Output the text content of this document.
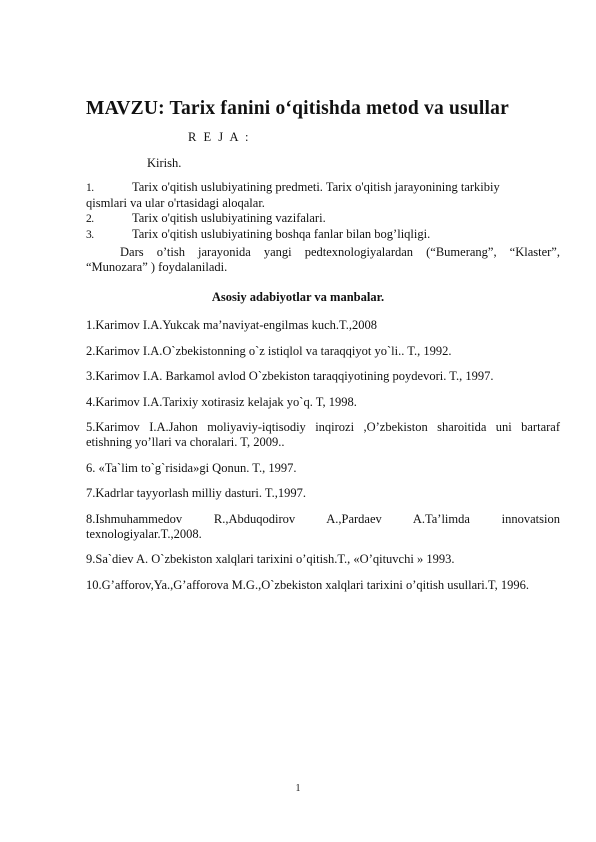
MAVZU: Tarix fanini o‘qitishda metod va usullar
R E J A :
Kirish.
1.	Tarix o'qitish uslubiyatining predmeti. Tarix o'qitish jarayonining tarkibiy
qismlari va ular o'rtasidagi aloqalar.
2.	Tarix o'qitish uslubiyatining vazifalari.
3.	Tarix o'qitish uslubiyatining boshqa fanlar bilan bog’liqligi.
Dars o’tish jarayonida yangi pedtexnologiyalardan (“Bumerang”, “Klaster”, “Munozara” ) foydalaniladi.
Asosiy adabiyotlar va manbalar.
1.Karimov I.A.Yukcak ma’naviyat-engilmas kuch.T.,2008
2.Karimov I.A.O`zbekistonning o`z istiqlol va taraqqiyot yo`li.. T., 1992.
3.Karimov I.A. Barkamol avlod O`zbekiston taraqqiyotining poydevori. T., 1997.
4.Karimov I.A.Tarixiy xotirasiz kelajak yo`q. T, 1998.
5.Karimov I.A.Jahon moliyaviy-iqtisodiy inqirozi ,O’zbekiston sharoitida uni bartaraf etishning yo’llari va choralari. T, 2009..
6. «Ta`lim to`g`risida»gi Qonun. T., 1997.
7.Kadrlar tayyorlash milliy dasturi. T.,1997.
8.Ishmuhammedov R.,Abduqodirov A.,Pardaev A.Ta’limda innovatsion texnologiyalar.T.,2008.
9.Sa`diev A. O`zbekiston xalqlari tarixini o’qitish.T., «O’qituvchi » 1993.
10.G’afforov,Ya.,G’afforova M.G.,O`zbekiston xalqlari tarixini o’qitish usullari.T, 1996.
1
